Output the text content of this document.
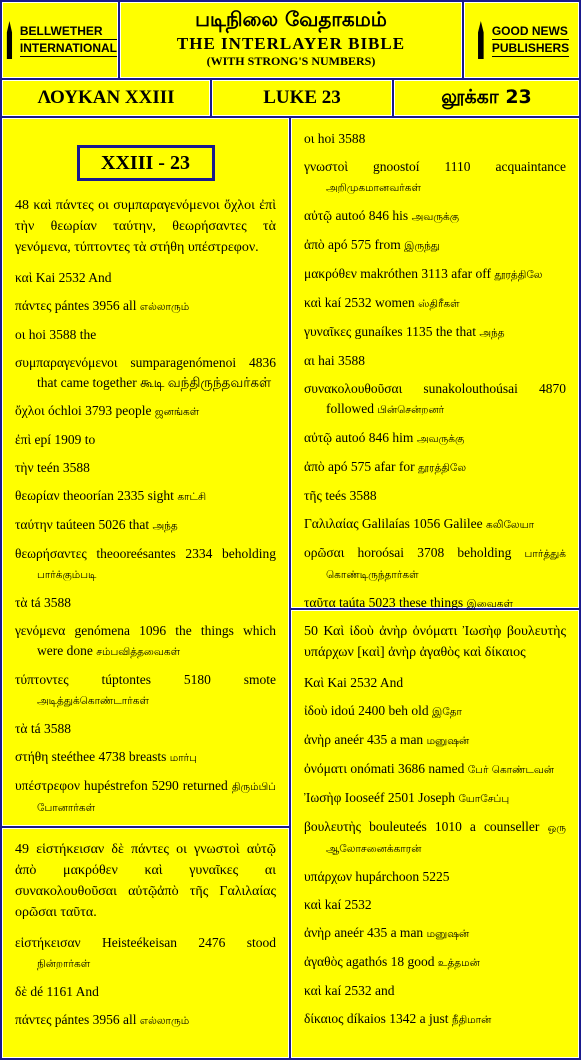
BELLWETHER
INTERNATIONAL
படிநிலை வேதாகமம்
THE INTERLAYER BIBLE
(WITH STRONG'S NUMBERS)
GOOD NEWS
PUBLISHERS
ΛΟΥΚΑΝ XXIII	LUKE 23	லூக்கா 23
XXIII - 23
48 καὶ πάντες οι συμπαραγενόμενοι ὄχλοι ἐπὶ τὴν θεωρίαν ταύτην, θεωρήσαντες τὰ γενόμενα, τύπτοντες τὰ στήθη υπέστρεφον.
καὶ Kai 2532 And
πάντες pántes 3956 all எல்லாரும்
οι hoi 3588 the
συμπαραγενόμενοι sumparagenómenoi 4836 that came together கூடி வந்திருந்தவர்கள்
ὄχλοι óchloi 3793 people ஜனங்கள்
ἐπὶ epí 1909 to
τὴν teén 3588
θεωρίαν theoorían 2335 sight காட்சி
ταύτην taúteen 5026 that அந்த
θεωρήσαντες theooreésantes 2334 beholding பார்க்கும்படி
τὰ tá 3588
γενόμενα genómena 1096 the things which were done சம்பவித்தவைகள்
τύπτοντες túptontes 5180 smote அடித்துக்கொண்டார்கள்
τὰ tá 3588
στήθη steéthee 4738 breasts மார்பு
υπέστρεφον hupéstrefon 5290 returned திரும்பிப் போனார்கள்
49 εἱστήκεισαν δὲ πάντες οι γνωστοὶ αὐτῷ ἀπὸ μακρόθεν καὶ γυναῖκες αι συνακολουθοῦσαι αὐτῷἀπὸ τῆς Γαλιλαίας ορῶσαι ταῦτα.
εἱστήκεισαν Heisteékeisan 2476 stood நின்றார்கள்
δὲ dé 1161 And
πάντες pántes 3956 all எல்லாரும்
οι hoi 3588
γνωστοὶ gnoostoí 1110 acquaintance அறிமுகமானவர்கள்
αὐτῷ autoó 846 his அவருக்கு
ἀπὸ apó 575 from இருந்து
μακρόθεν makróthen 3113 afar off தூரத்திலே
καὶ kaí 2532 women ஸ்திரீகள்
γυναῖκες gunaíkes 1135 the that அந்த
αι hai 3588
συνακολουθοῦσαι sunakolouthoúsai 4870 followed பின்சென்றனர்
αὐτῷ autoó 846 him அவருக்கு
ἀπὸ apó 575 afar for தூரத்திலே
τῆς teés 3588
Γαλιλαίας Galilaías 1056 Galilee கலிலேயா
ορῶσαι horoósai 3708 beholding பார்த்துக் கொண்டிருந்தார்கள்
ταῦτα taúta 5023 these things இவைகள்
50 Καὶ ἰδοὺ ἀνὴρ ὀνόματι Ἰωσὴφ βουλευτὴς υπάρχων [καὶ] ἀνὴρ ἀγαθὸς καὶ δίκαιος
Καὶ Kai 2532 And
ἰδοὺ idoú 2400 beh old இதோ
ἀνὴρ aneér 435 a man மனுஷன்
ὀνόματι onómati 3686 named பேர் கொண்டவன்
Ἰωσὴφ Iooseéf 2501 Joseph யோசேப்பு
βουλευτὴς bouleuteés 1010 a counseller ஒரு ஆலோசனைக்காரன்
υπάρχων hupárchoon 5225
καὶ kaí 2532
ἀνὴρ aneér 435 a man மனுஷன்
ἀγαθὸς agathós 18 good உத்தமன்
καὶ kaí 2532 and
δίκαιος díkaios 1342 a just நீதிமான்
